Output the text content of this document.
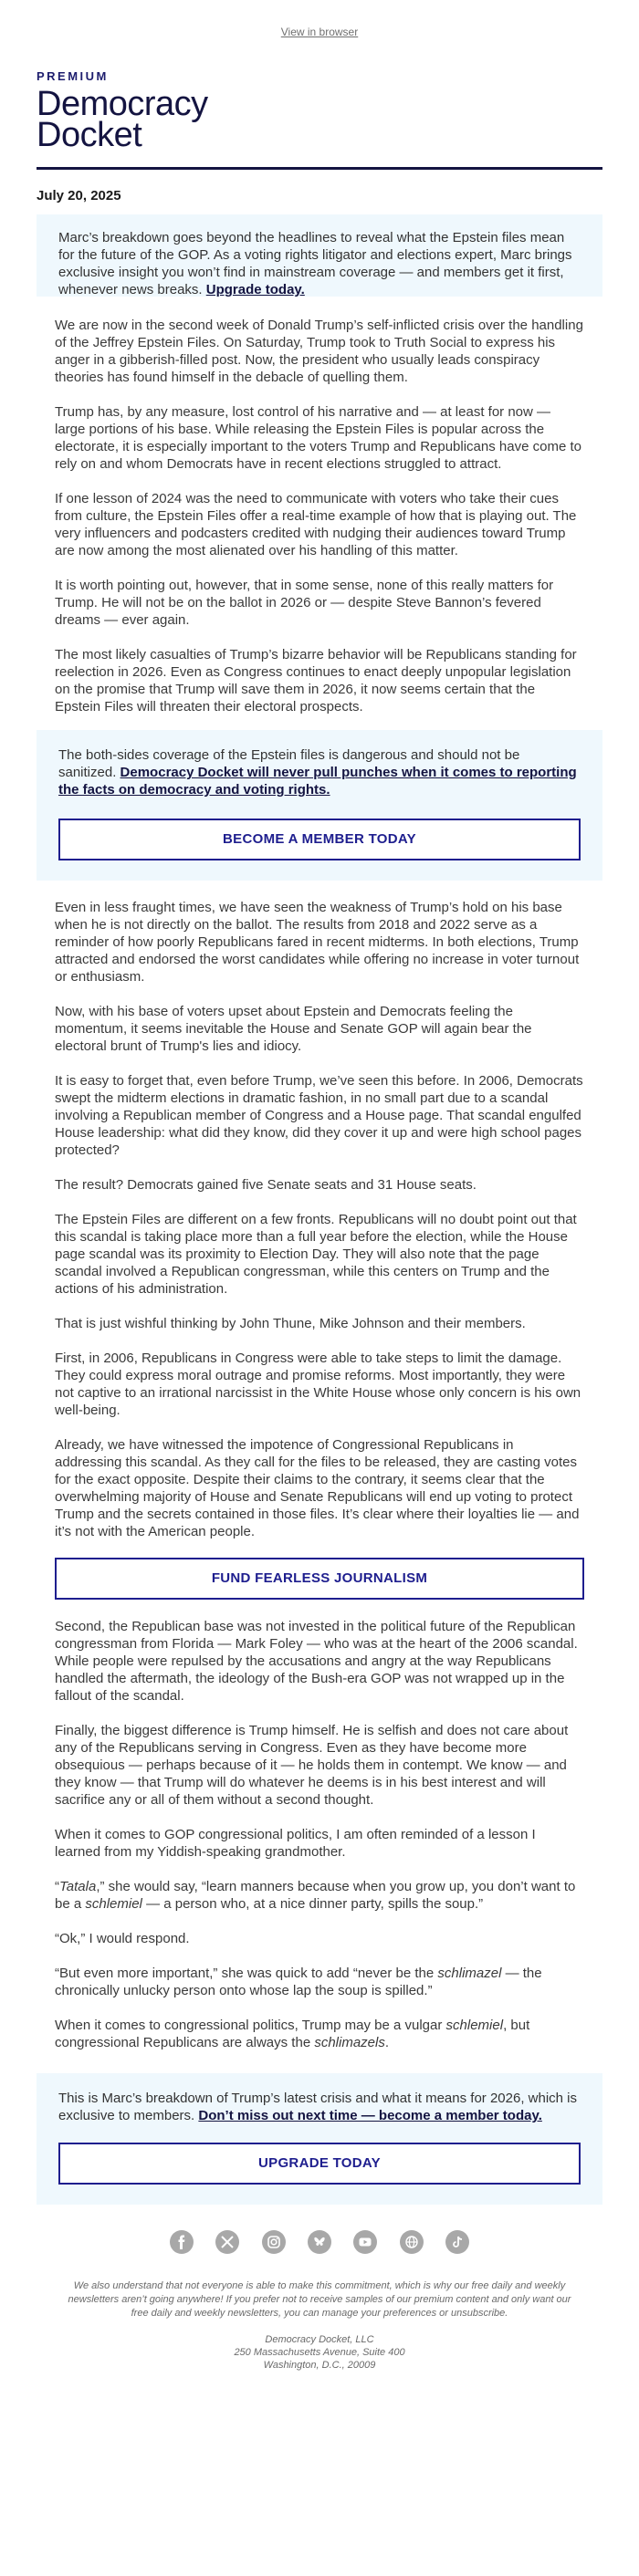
View in browser
PREMIUM
Democracy
Docket
July 20, 2025

Marc’s breakdown goes beyond the headlines to reveal what the Epstein files mean for the future of the GOP. As a voting rights litigator and elections expert, Marc brings exclusive insight you won’t find in mainstream coverage — and members get it first, whenever news breaks. Upgrade today.

We are now in the second week of Donald Trump’s self-inflicted crisis over the handling of the Jeffrey Epstein Files. On Saturday, Trump took to Truth Social to express his anger in a gibberish-filled post. Now, the president who usually leads conspiracy theories has found himself in the debacle of quelling them.

Trump has, by any measure, lost control of his narrative and — at least for now — large portions of his base. While releasing the Epstein Files is popular across the electorate, it is especially important to the voters Trump and Republicans have come to rely on and whom Democrats have in recent elections struggled to attract.

If one lesson of 2024 was the need to communicate with voters who take their cues from culture, the Epstein Files offer a real-time example of how that is playing out. The very influencers and podcasters credited with nudging their audiences toward Trump are now among the most alienated over his handling of this matter.

It is worth pointing out, however, that in some sense, none of this really matters for Trump. He will not be on the ballot in 2026 or — despite Steve Bannon’s fevered dreams — ever again.

The most likely casualties of Trump’s bizarre behavior will be Republicans standing for reelection in 2026. Even as Congress continues to enact deeply unpopular legislation on the promise that Trump will save them in 2026, it now seems certain that the Epstein Files will threaten their electoral prospects.

The both-sides coverage of the Epstein files is dangerous and should not be sanitized. Democracy Docket will never pull punches when it comes to reporting the facts on democracy and voting rights.

BECOME A MEMBER TODAY

Even in less fraught times, we have seen the weakness of Trump’s hold on his base when he is not directly on the ballot. The results from 2018 and 2022 serve as a reminder of how poorly Republicans fared in recent midterms. In both elections, Trump attracted and endorsed the worst candidates while offering no increase in voter turnout or enthusiasm.

Now, with his base of voters upset about Epstein and Democrats feeling the momentum, it seems inevitable the House and Senate GOP will again bear the electoral brunt of Trump's lies and idiocy.

It is easy to forget that, even before Trump, we’ve seen this before. In 2006, Democrats swept the midterm elections in dramatic fashion, in no small part due to a scandal involving a Republican member of Congress and a House page. That scandal engulfed House leadership: what did they know, did they cover it up and were high school pages protected?

The result? Democrats gained five Senate seats and 31 House seats.

The Epstein Files are different on a few fronts. Republicans will no doubt point out that this scandal is taking place more than a full year before the election, while the House page scandal was its proximity to Election Day. They will also note that the page scandal involved a Republican congressman, while this centers on Trump and the actions of his administration.

That is just wishful thinking by John Thune, Mike Johnson and their members.

First, in 2006, Republicans in Congress were able to take steps to limit the damage. They could express moral outrage and promise reforms. Most importantly, they were not captive to an irrational narcissist in the White House whose only concern is his own well-being.

Already, we have witnessed the impotence of Congressional Republicans in addressing this scandal. As they call for the files to be released, they are casting votes for the exact opposite. Despite their claims to the contrary, it seems clear that the overwhelming majority of House and Senate Republicans will end up voting to protect Trump and the secrets contained in those files. It’s clear where their loyalties lie — and it’s not with the American people.

FUND FEARLESS JOURNALISM

Second, the Republican base was not invested in the political future of the Republican congressman from Florida — Mark Foley — who was at the heart of the 2006 scandal. While people were repulsed by the accusations and angry at the way Republicans handled the aftermath, the ideology of the Bush-era GOP was not wrapped up in the fallout of the scandal.

Finally, the biggest difference is Trump himself. He is selfish and does not care about any of the Republicans serving in Congress. Even as they have become more obsequious — perhaps because of it — he holds them in contempt. We know — and they know — that Trump will do whatever he deems is in his best interest and will sacrifice any or all of them without a second thought.

When it comes to GOP congressional politics, I am often reminded of a lesson I learned from my Yiddish-speaking grandmother.

“Tatala,” she would say, “learn manners because when you grow up, you don’t want to be a schlemiel — a person who, at a nice dinner party, spills the soup.”

“Ok,” I would respond.

“But even more important,” she was quick to add “never be the schlimazel — the chronically unlucky person onto whose lap the soup is spilled.”

When it comes to congressional politics, Trump may be a vulgar schlemiel, but congressional Republicans are always the schlimazels.

This is Marc’s breakdown of Trump’s latest crisis and what it means for 2026, which is exclusive to members. Don’t miss out next time — become a member today.

UPGRADE TODAY

We also understand that not everyone is able to make this commitment, which is why our free daily and weekly newsletters aren’t going anywhere! If you prefer not to receive samples of our premium content and only want our free daily and weekly newsletters, you can manage your preferences or unsubscribe.

Democracy Docket, LLC
250 Massachusetts Avenue, Suite 400
Washington, D.C., 20009
